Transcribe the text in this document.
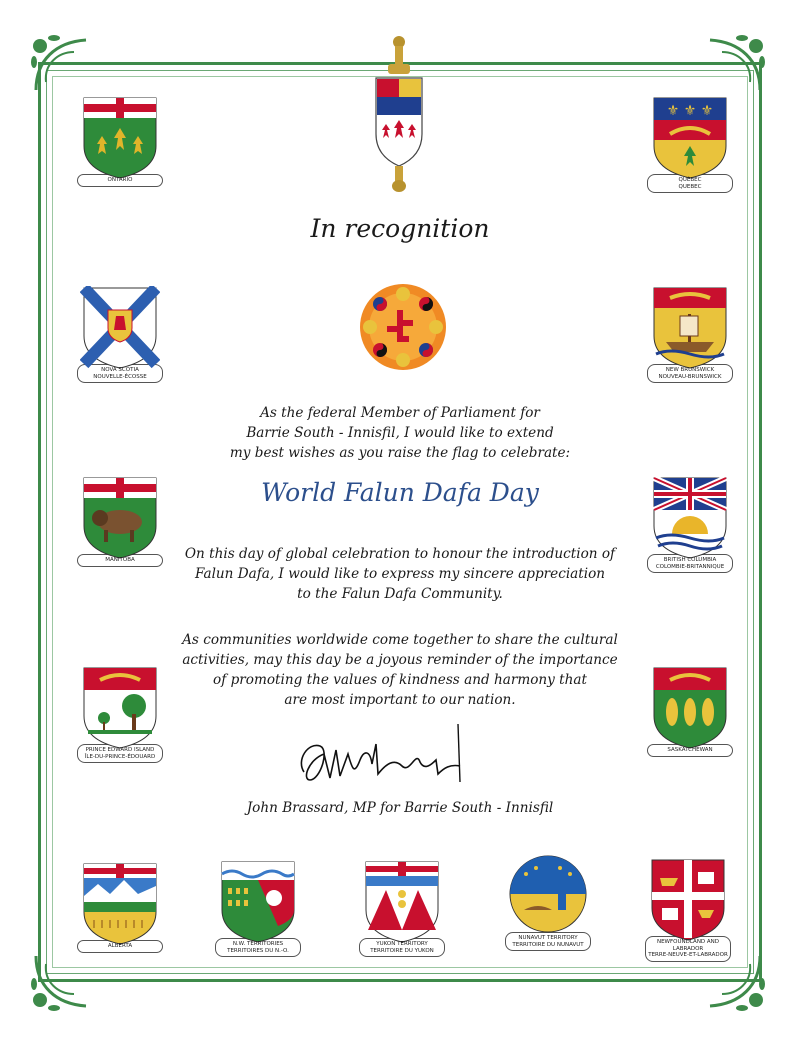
ONTARIO
⚜ ⚜ ⚜
QUÉBEC
QUEBEC
NOVA SCOTIA
NOUVELLE-ÉCOSSE
NEW BRUNSWICK
NOUVEAU-BRUNSWICK
MANITOBA	BRITISH COLUMBIA
COLOMBIE-BRITANNIQUE
PRINCE EDWARD ISLAND
ÎLE-DU-PRINCE-ÉDOUARD
SASKATCHEWAN
ALBERTA	N.W. TERRITORIES
TERRITOIRES DU N.-O.
YUKON TERRITORY
TERRITOIRE DU YUKON
NUNAVUT TERRITORY
TERRITOIRE DU NUNAVUT	NEWFOUNDLAND AND LABRADOR
TERRE-NEUVE-ET-LABRADOR
In recognition
As the federal Member of Parliament for
Barrie South - Innisfil, I would like to extend
my best wishes as you raise the flag to celebrate:
World Falun Dafa Day
On this day of global celebration to honour the introduction of
Falun Dafa, I would like to express my sincere appreciation
to the Falun Dafa Community.
As communities worldwide come together to share the cultural
activities, may this day be a joyous reminder of the importance
of promoting the values of kindness and harmony that
are most important to our nation.
John Brassard, MP for Barrie South - Innisfil
